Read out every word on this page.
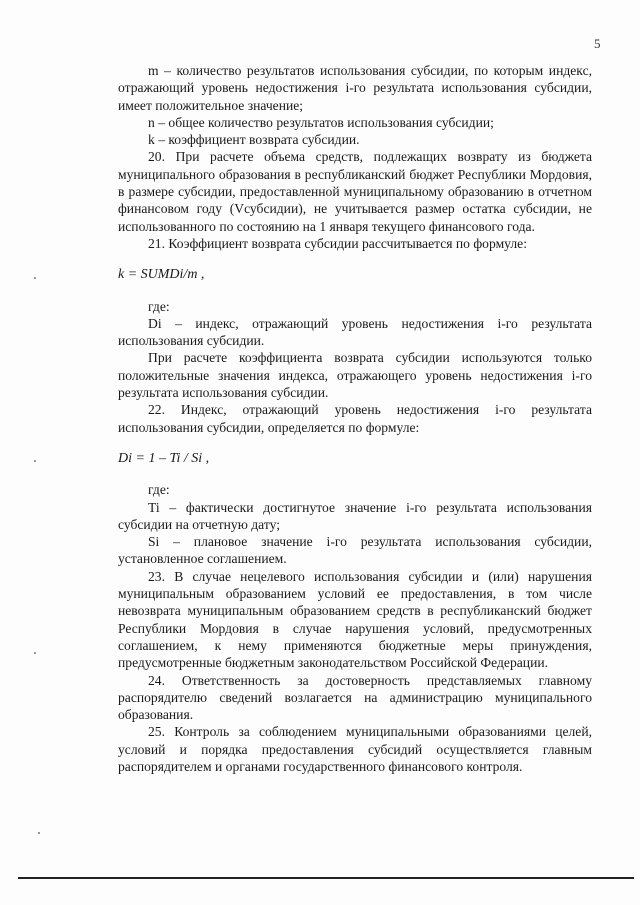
5

m – количество результатов использования субсидии, по которым индекс, отражающий уровень недостижения i-го результата использования субсидии, имеет положительное значение;

n – общее количество результатов использования субсидии;

k – коэффициент возврата субсидии.

20. При расчете объема средств, подлежащих возврату из бюджета муниципального образования в республиканский бюджет Республики Мордовия, в размере субсидии, предоставленной муниципальному образованию в отчетном финансовом году (Vсубсидии), не учитывается размер остатка субсидии, не использованного по состоянию на 1 января текущего финансового года.

21. Коэффициент возврата субсидии рассчитывается по формуле:

k = SUMDi/m ,

где:

Di – индекс, отражающий уровень недостижения i-го результата использования субсидии.

При расчете коэффициента возврата субсидии используются только положительные значения индекса, отражающего уровень недостижения i-го результата использования субсидии.

22. Индекс, отражающий уровень недостижения i-го результата использования субсидии, определяется по формуле:

Di = 1 – Ti / Si ,

где:

Ti – фактически достигнутое значение i-го результата использования субсидии на отчетную дату;

Si – плановое значение i-го результата использования субсидии, установленное соглашением.

23. В случае нецелевого использования субсидии и (или) нарушения муниципальным образованием условий ее предоставления, в том числе невозврата муниципальным образованием средств в республиканский бюджет Республики Мордовия в случае нарушения условий, предусмотренных соглашением, к нему применяются бюджетные меры принуждения, предусмотренные бюджетным законодательством Российской Федерации.

24. Ответственность за достоверность представляемых главному распорядителю сведений возлагается на администрацию муниципального образования.

25. Контроль за соблюдением муниципальными образованиями целей, условий и порядка предоставления субсидий осуществляется главным распорядителем и органами государственного финансового контроля.
